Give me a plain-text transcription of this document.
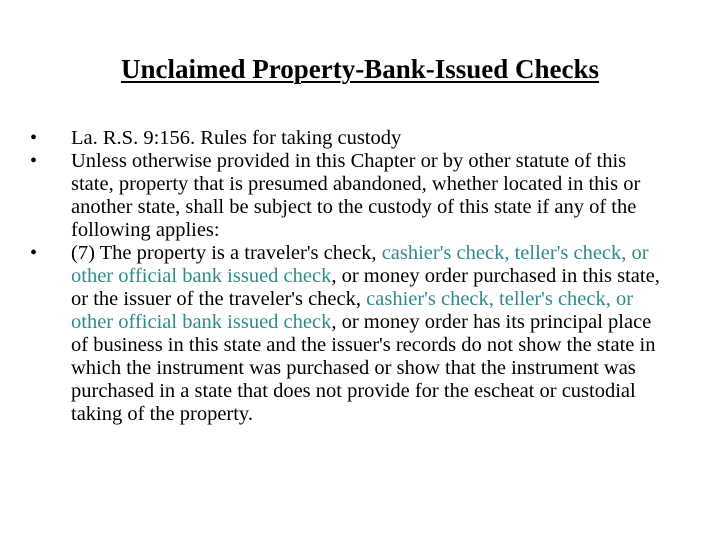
Unclaimed Property-Bank-Issued Checks
•	La. R.S. 9:156. Rules for taking custody
•	Unless otherwise provided in this Chapter or by other statute of this state, property that is presumed abandoned, whether located in this or another state, shall be subject to the custody of this state if any of the following applies:
•	(7) The property is a traveler's check, cashier's check, teller's check, or other official bank issued check, or money order purchased in this state, or the issuer of the traveler's check, cashier's check, teller's check, or other official bank issued check, or money order has its principal place of business in this state and the issuer's records do not show the state in which the instrument was purchased or show that the instrument was purchased in a state that does not provide for the escheat or custodial taking of the property.
